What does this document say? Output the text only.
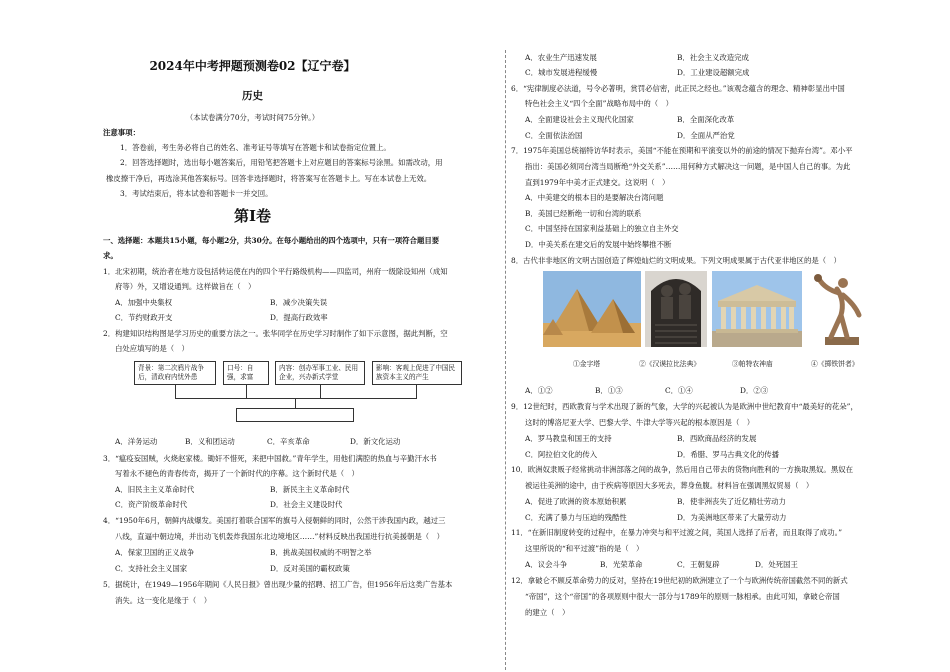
2024年中考押题预测卷02【辽宁卷】
历史
（本试卷满分70分，考试时间75分钟。）
注意事项：
1．答卷前，考生务必将自己的姓名、准考证号等填写在答题卡和试卷指定位置上。
2．回答选择题时，选出每小题答案后，用铅笔把答题卡上对应题目的答案标号涂黑。如需改动，用
橡皮擦干净后，再选涂其他答案标号。回答非选择题时，将答案写在答题卡上。写在本试卷上无效。
3．考试结束后，将本试卷和答题卡一并交回。
第Ⅰ卷
一、选择题：本题共15小题，每小题2分，共30分。在每小题给出的四个选项中，只有一项符合题目要
求。
1．北宋初期，统治者在地方设包括转运使在内的四个平行路级机构——四监司，州府一级除设知州（成知
府等）外，又增设通判。这样做旨在（　）
A．加强中央集权	B．减少决策失误
C．节约财政开支	D．提高行政效率
2．构建知识结构图是学习历史的重要方法之一。张华同学在历史学习时制作了如下示意图，据此判断，空
白处应填写的是（　）
背景：第二次鸦片战争后，清政府内忧外患
口号：自强，求富
内容：创办军事工业、民用企业，兴办新式学堂
影响：客观上促进了中国民族资本主义的产生
A．洋务运动	B．义和团运动	C．辛亥革命	D．新文化运动
3．“瘟疫妄国贼，火烧赵家楼。锄奸不惜死，来把中国救。”青年学生，用他们满腔的热血与辛勤汗水书
写着永不褪色的青春传奇，揭开了一个新时代的序幕。这个新时代是（　）
A．旧民主主义革命时代	B．新民主主义革命时代
C．资产阶级革命时代	D．社会主义建设时代
4．“1950年6月，朝鲜内战爆发。美国打着联合国军的旗号入侵朝鲜的同时，公然干涉我国内政，越过三
八线，直逼中朝边境，并出动飞机轰炸我国东北边境地区……”材料反映出我国进行抗美援朝是（　）
A．保家卫国的正义战争	B．挑战美国权威的不明智之举
C．支持社会主义国家	D．反对美国的霸权政策
5．据统计，在1949—1956年期间《人民日报》曾出现少量的招聘、招工广告，但1956年后这类广告基本
消失。这一变化是缘于（　）
A．农业生产迅速发展	B．社会主义改造完成
C．城市发展进程缓慢	D．工业建设超额完成
6．“宪律制度必法道，号令必著明，赏罚必信密，此正民之经也。”该观念蕴含的理念、精神彰显出中国
特色社会主义“四个全面”战略布局中的（　）
A．全面建设社会主义现代化国家	B．全面深化改革
C．全面依法治国	D．全面从严治党
7．1975年美国总统福特访华时表示，美国“不能在预期和平演变以外的前途的情况下抛弃台湾”。邓小平
指出：美国必须同台湾当局断绝“外交关系”……用何种方式解决这一问题，是中国人自己的事。为此
直到1979年中美才正式建交。这说明（　）
A．中美建交的根本目的是要解决台湾问题
B．美国已经断绝一切和台湾的联系
C．中国坚持在国家利益基础上的独立自主外交
D．中美关系在建交后的发展中始终攀推不断
8．古代非非地区的文明古国创造了辉煌灿烂的文明成果。下列文明成果属于古代亚非地区的是（　）
①金字塔	②《汉谟拉比法典》	③帕特农神庙	④《掷铁饼者》
A．①②	B．①③	C．①④	D．②③
9．12世纪时，西欧教育与学术出现了新的气象，大学的兴起被认为是欧洲中世纪教育中“最美好的花朵”，
这时的博洛尼亚大学、巴黎大学、牛津大学等兴起的根本原因是（　）
A．罗马教皇和国王的支持	B．西欧商品经济的发展
C．阿拉伯文化的传入	D．希腊、罗马古典文化的传播
10．欧洲奴隶贩子经常挑动非洲部落之间的战争，然后用自己带去的货物向胜利的一方换取黑奴。黑奴在
被运往美洲的途中，由于疾病等原因大多死去，葬身鱼腹。材料旨在强调黑奴贸易（　）
A．促进了欧洲的资本原始积累	B．使非洲丧失了近亿精壮劳动力
C．充满了暴力与压迫的残酷性	D．为美洲地区带来了大量劳动力
11．“在新旧制度转变的过程中，在暴力冲突与和平过渡之间，英国人选择了后者，而且取得了成功。”
这里所说的“和平过渡”指的是（　）
A．议会斗争	B．光荣革命	C．王朝复辟	D．处死国王
12．拿破仑不顾反革命势力的反对，坚持在19世纪初的欧洲建立了一个与欧洲传统帝国截然不同的新式
“帝国”，这个“帝国”的各项原则中很大一部分与1789年的原则一脉相承。由此可知，拿破仑帝国
的建立（　）
